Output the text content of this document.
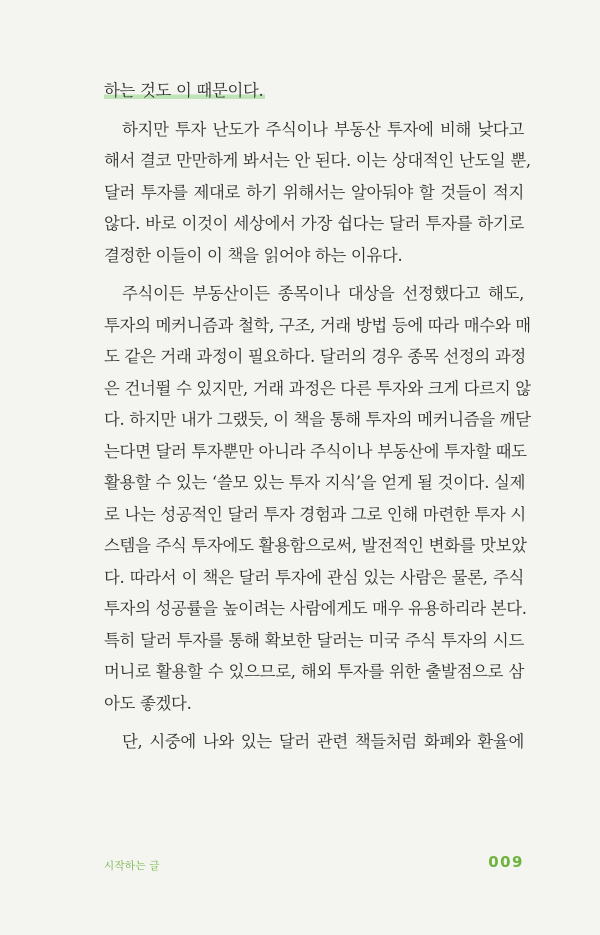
하는 것도 이 때문이다.
하지만 투자 난도가 주식이나 부동산 투자에 비해 낮다고
해서 결코 만만하게 봐서는 안 된다. 이는 상대적인 난도일 뿐,
달러 투자를 제대로 하기 위해서는 알아둬야 할 것들이 적지
않다. 바로 이것이 세상에서 가장 쉽다는 달러 투자를 하기로
결정한 이들이 이 책을 읽어야 하는 이유다.
주식이든 부동산이든 종목이나 대상을 선정했다고 해도,
투자의 메커니즘과 철학, 구조, 거래 방법 등에 따라 매수와 매
도 같은 거래 과정이 필요하다. 달러의 경우 종목 선정의 과정
은 건너뛸 수 있지만, 거래 과정은 다른 투자와 크게 다르지 않
다. 하지만 내가 그랬듯, 이 책을 통해 투자의 메커니즘을 깨닫
는다면 달러 투자뿐만 아니라 주식이나 부동산에 투자할 때도
활용할 수 있는 ‘쓸모 있는 투자 지식’을 얻게 될 것이다. 실제
로 나는 성공적인 달러 투자 경험과 그로 인해 마련한 투자 시
스템을 주식 투자에도 활용함으로써, 발전적인 변화를 맛보았
다. 따라서 이 책은 달러 투자에 관심 있는 사람은 물론, 주식
투자의 성공률을 높이려는 사람에게도 매우 유용하리라 본다.
특히 달러 투자를 통해 확보한 달러는 미국 주식 투자의 시드
머니로 활용할 수 있으므로, 해외 투자를 위한 출발점으로 삼
아도 좋겠다.
단, 시중에 나와 있는 달러 관련 책들처럼 화폐와 환율에
시작하는 글	009
